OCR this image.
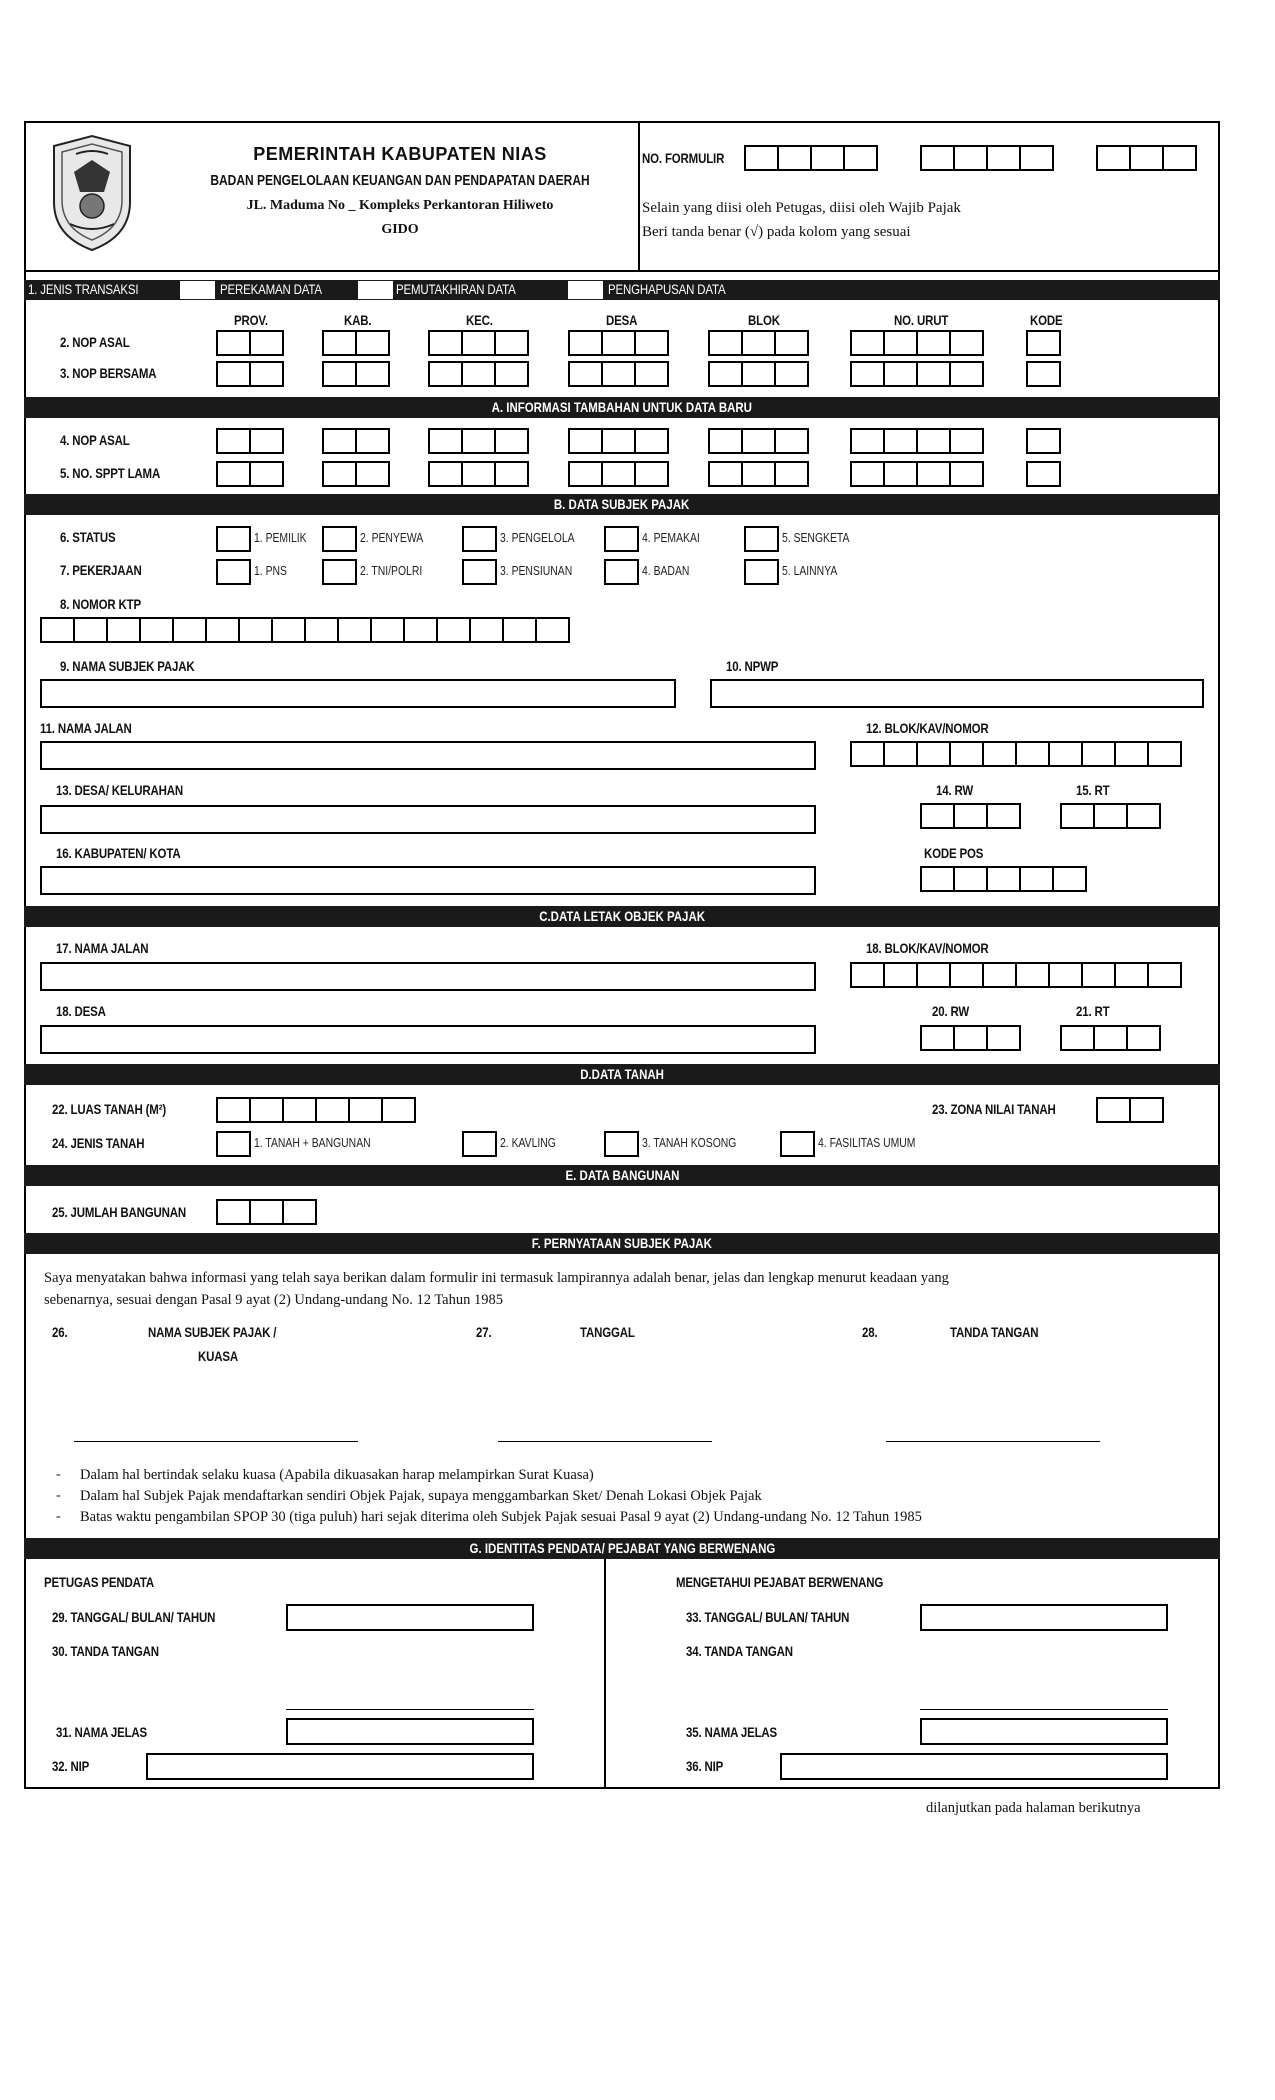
PEMERINTAH KABUPATEN NIAS
BADAN PENGELOLAAN KEUANGAN DAN PENDAPATAN DAERAH
JL. Maduma No _ Kompleks Perkantoran Hiliweto
GIDO
NO. FORMULIR
Selain yang diisi oleh Petugas, diisi oleh Wajib Pajak
Beri tanda benar (√) pada kolom yang sesuai
1. JENIS TRANSAKSI	PEREKAMAN DATA	PEMUTAKHIRAN DATA	PENGHAPUSAN DATA
PROV.	KAB.	KEC.	DESA	BLOK	NO. URUT	KODE
2. NOP ASAL
3. NOP BERSAMA
A. INFORMASI TAMBAHAN UNTUK DATA BARU
4. NOP ASAL
5. NO. SPPT LAMA
B. DATA SUBJEK PAJAK
6. STATUS	1. PEMILIK	2. PENYEWA	3. PENGELOLA	4. PEMAKAI	5. SENGKETA
7. PEKERJAAN	1. PNS	2. TNI/POLRI	3. PENSIUNAN	4. BADAN	5. LAINNYA
8. NOMOR KTP
9. NAMA SUBJEK PAJAK	10. NPWP
11. NAMA JALAN	12. BLOK/KAV/NOMOR
13. DESA/ KELURAHAN	14. RW	15. RT
16. KABUPATEN/ KOTA	KODE POS
C.DATA LETAK OBJEK PAJAK
17. NAMA JALAN	18. BLOK/KAV/NOMOR
18. DESA	20. RW	21. RT
D.DATA TANAH
22. LUAS TANAH (M²)	23. ZONA NILAI TANAH
24. JENIS TANAH	1. TANAH + BANGUNAN	2. KAVLING	3. TANAH KOSONG	4. FASILITAS UMUM
E. DATA BANGUNAN
25. JUMLAH BANGUNAN
F. PERNYATAAN SUBJEK PAJAK
Saya menyatakan bahwa informasi yang telah saya berikan dalam formulir ini termasuk lampirannya adalah benar, jelas dan lengkap menurut keadaan yang
sebenarnya, sesuai dengan Pasal 9 ayat (2) Undang-undang No. 12 Tahun 1985
26.	NAMA SUBJEK PAJAK /
KUASA
27.	TANGGAL	28.	TANDA TANGAN
- Dalam hal bertindak selaku kuasa (Apabila dikuasakan harap melampirkan Surat Kuasa)
- Dalam hal Subjek Pajak mendaftarkan sendiri Objek Pajak, supaya menggambarkan Sket/ Denah Lokasi Objek Pajak
- Batas waktu pengambilan SPOP 30 (tiga puluh) hari sejak diterima oleh Subjek Pajak sesuai Pasal 9 ayat (2) Undang-undang No. 12 Tahun 1985
G. IDENTITAS PENDATA/ PEJABAT YANG BERWENANG
PETUGAS PENDATA
29. TANGGAL/ BULAN/ TAHUN
30. TANDA TANGAN
31. NAMA JELAS
32. NIP
MENGETAHUI PEJABAT BERWENANG
33. TANGGAL/ BULAN/ TAHUN
34. TANDA TANGAN
35. NAMA JELAS
36. NIP
dilanjutkan pada halaman berikutnya
